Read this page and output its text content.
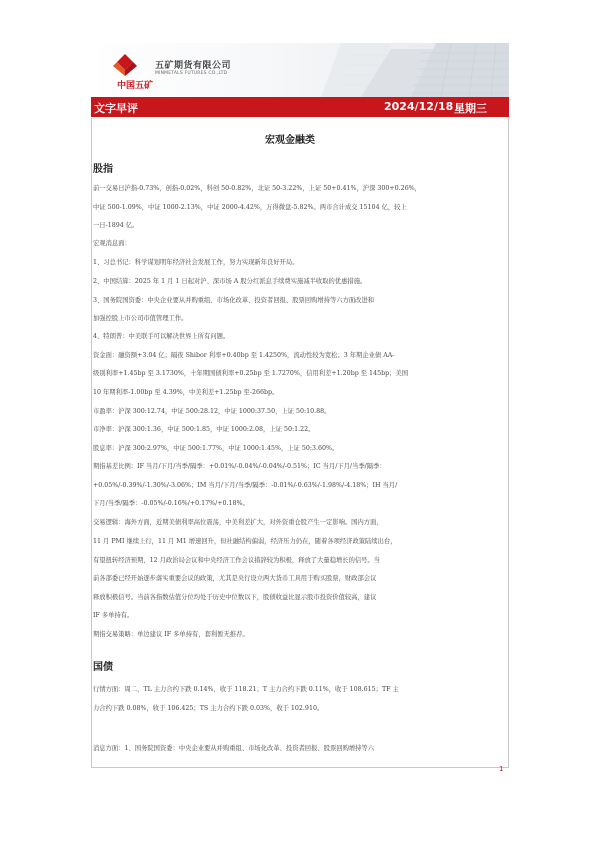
中国五矿
五矿期货有限公司
MINMETALS FUTURES CO.,LTD
文字早评	2024/12/18 星期三
宏观金融类
股指
前一交易日沪指-0.73%，创指-0.02%，科创 50-0.82%，北证 50-3.22%，上证 50+0.41%，沪深 300+0.26%，
中证 500-1.09%，中证 1000-2.13%，中证 2000-4.42%，万得微盘-5.82%。两市合计成交 15104 亿，较上
一日-1894 亿。
宏观消息面：
1、习总书记：科学谋划明年经济社会发展工作，努力实现新年良好开局。
2、中国结算：2025 年 1 月 1 日起对沪、深市场 A 股分红派息手续费实施减半收取的优惠措施。
3、国务院国资委：中央企业要从并购重组、市场化改革、投资者回报、股票回购增持等六方面改进和
加强控股上市公司市值管理工作。
4、特朗普：中美联手可以解决世界上所有问题。
资金面：融资额+3.04 亿；隔夜 Shibor 利率+0.40bp 至 1.4250%，流动性较为宽松；3 年期企业债 AA-
级别利率+1.45bp 至 3.1730%，十年期国债利率+0.25bp 至 1.7270%，信用利差+1.20bp 至 145bp；美国
10 年期利率-1.00bp 至 4.39%，中美利差+1.25bp 至-266bp。
市盈率：沪深 300:12.74，中证 500:28.12，中证 1000:37.50，上证 50:10.88。
市净率：沪深 300:1.36，中证 500:1.85，中证 1000:2.08，上证 50:1.22。
股息率：沪深 300:2.97%，中证 500:1.77%，中证 1000:1.45%，上证 50:3.60%。
期指基差比例：IF 当月/下月/当季/隔季：+0.01%/-0.04%/-0.04%/-0.51%；IC 当月/下月/当季/隔季：
+0.05%/-0.39%/-1.30%/-3.06%；IM 当月/下月/当季/隔季：-0.01%/-0.63%/-1.98%/-4.18%；IH 当月/
下月/当季/隔季：-0.05%/-0.16%/+0.17%/+0.18%。
交易逻辑：海外方面，近期美债利率高位震荡，中美利差扩大，对外资重仓股产生一定影响。国内方面，
11 月 PMI 继续上行，11 月 M1 增速回升，但社融结构偏弱，经济压力仍在，随着各项经济政策陆续出台，
有望扭转经济预期，12 月政治局会议和中央经济工作会议措辞较为积极，释放了大量稳增长的信号。当
前各部委已经开始逐步落实重要会议的政策，尤其是央行设立两大货币工具用于购买股票，财政部会议
释放积极信号。当前各指数估值分位均处于历史中位数以下，股债收益比显示股市投资价值较高，建议
IF 多单持有。
期指交易策略：单边建议 IF 多单持有，套利暂无推荐。
国债
行情方面：周二，TL 主力合约下跌 0.14%，收于 118.21；T 主力合约下跌 0.11%，收于 108.615；TF 主
力合约下跌 0.08%，收于 106.425；TS 主力合约下跌 0.03%，收于 102.910。
消息方面：1、国务院国资委：中央企业要从并购重组、市场化改革、投资者回报、股票回购增持等六
1
